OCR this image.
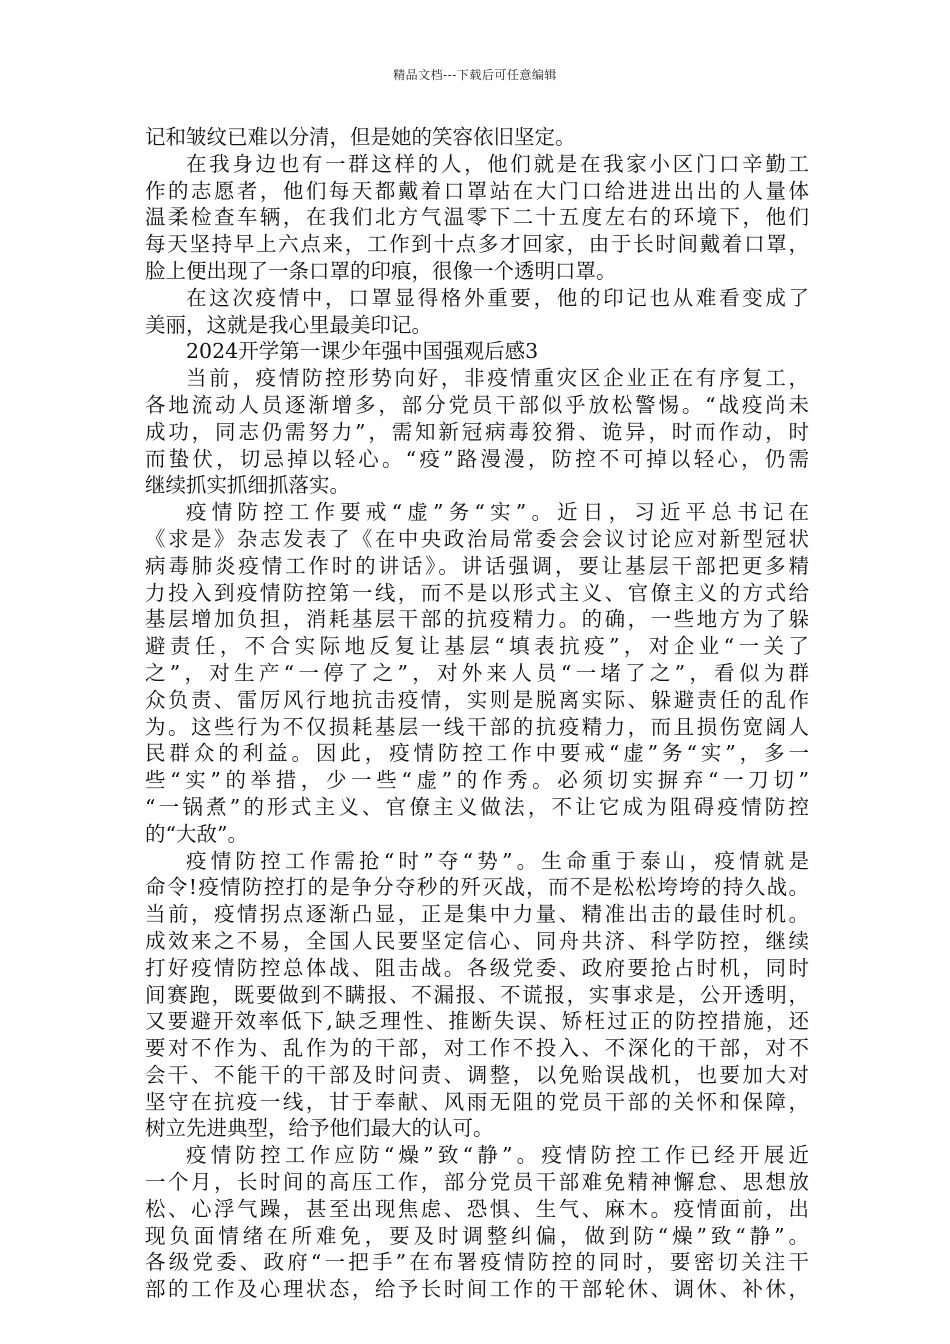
精品文档---下载后可任意编辑
记和皱纹已难以分清，但是她的笑容依旧坚定。
在我身边也有一群这样的人，他们就是在我家小区门口辛勤工
作的志愿者，他们每天都戴着口罩站在大门口给进进出出的人量体
温柔检查车辆，在我们北方气温零下二十五度左右的环境下，他们
每天坚持早上六点来，工作到十点多才回家，由于长时间戴着口罩，
脸上便出现了一条口罩的印痕，很像一个透明口罩。
在这次疫情中，口罩显得格外重要，他的印记也从难看变成了
美丽，这就是我心里最美印记。
2024开学第一课少年强中国强观后感3
当前，疫情防控形势向好，非疫情重灾区企业正在有序复工，
各地流动人员逐渐增多，部分党员干部似乎放松警惕。“战疫尚未
成功，同志仍需努力”，需知新冠病毒狡猾、诡异，时而作动，时
而蛰伏，切忌掉以轻心。“疫”路漫漫，防控不可掉以轻心，仍需
继续抓实抓细抓落实。
疫情防控工作要戒“虚”务“实”。近日，习近平总书记在
《求是》杂志发表了《在中央政治局常委会会议讨论应对新型冠状
病毒肺炎疫情工作时的讲话》。讲话强调，要让基层干部把更多精
力投入到疫情防控第一线，而不是以形式主义、官僚主义的方式给
基层增加负担，消耗基层干部的抗疫精力。的确，一些地方为了躲
避责任，不合实际地反复让基层“填表抗疫”，对企业“一关了
之”，对生产“一停了之”，对外来人员“一堵了之”，看似为群
众负责、雷厉风行地抗击疫情，实则是脱离实际、躲避责任的乱作
为。这些行为不仅损耗基层一线干部的抗疫精力，而且损伤宽阔人
民群众的利益。因此，疫情防控工作中要戒“虚”务“实”，多一
些“实”的举措，少一些“虚”的作秀。必须切实摒弃“一刀切”
“一锅煮”的形式主义、官僚主义做法，不让它成为阻碍疫情防控
的“大敌”。
疫情防控工作需抢“时”夺“势”。生命重于泰山，疫情就是
命令!疫情防控打的是争分夺秒的歼灭战，而不是松松垮垮的持久战。
当前，疫情拐点逐渐凸显，正是集中力量、精准出击的最佳时机。
成效来之不易，全国人民要坚定信心、同舟共济、科学防控，继续
打好疫情防控总体战、阻击战。各级党委、政府要抢占时机，同时
间赛跑，既要做到不瞒报、不漏报、不谎报，实事求是，公开透明，
又要避开效率低下,缺乏理性、推断失误、矫枉过正的防控措施，还
要对不作为、乱作为的干部，对工作不投入、不深化的干部，对不
会干、不能干的干部及时问责、调整，以免贻误战机，也要加大对
坚守在抗疫一线，甘于奉献、风雨无阻的党员干部的关怀和保障，
树立先进典型，给予他们最大的认可。
疫情防控工作应防“燥”致“静”。疫情防控工作已经开展近
一个月，长时间的高压工作，部分党员干部难免精神懈怠、思想放
松、心浮气躁，甚至出现焦虑、恐惧、生气、麻木。疫情面前，出
现负面情绪在所难免，要及时调整纠偏，做到防“燥”致“静”。
各级党委、政府“一把手”在布署疫情防控的同时，要密切关注干
部的工作及心理状态，给予长时间工作的干部轮休、调休、补休，
